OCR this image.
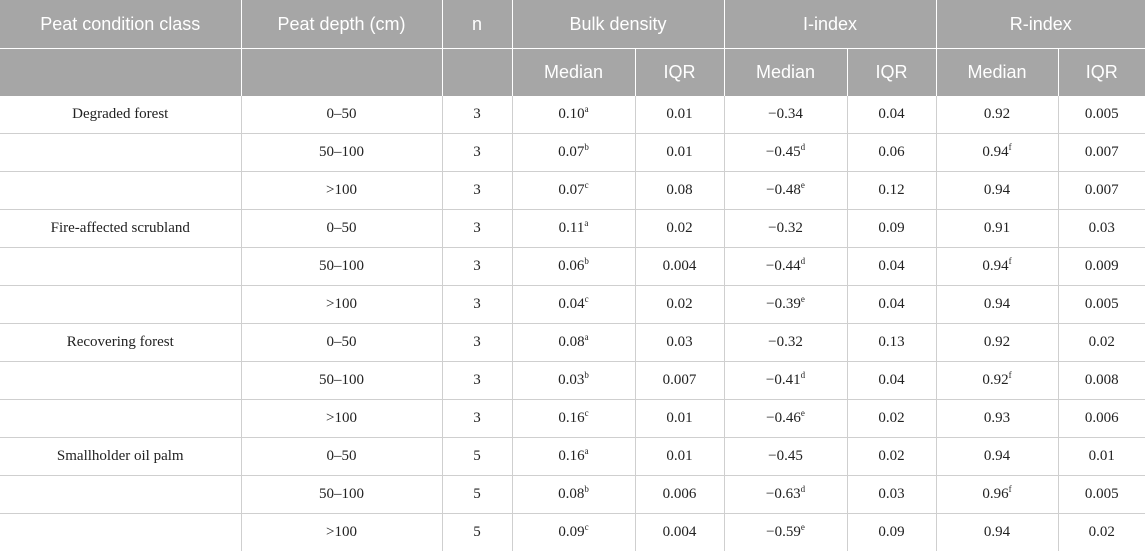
Peat condition class	Peat depth (cm)	n	Bulk density		I-index		R-index	
			Median	IQR	Median	IQR	Median	IQR
Degraded forest	0–50	3	0.10$^a$	0.01	−0.34	0.04	0.92	0.005
	50–100	3	0.07$^b$	0.01	−0.45$^d$	0.06	0.94$^f$	0.007
	>100	3	0.07$^c$	0.08	−0.48$^e$	0.12	0.94	0.007
Fire-affected scrubland	0–50	3	0.11$^a$	0.02	−0.32	0.09	0.91	0.03
	50–100	3	0.06$^b$	0.004	−0.44$^d$	0.04	0.94$^f$	0.009
	>100	3	0.04$^c$	0.02	−0.39$^e$	0.04	0.94	0.005
Recovering forest	0–50	3	0.08$^a$	0.03	−0.32	0.13	0.92	0.02
	50–100	3	0.03$^b$	0.007	−0.41$^d$	0.04	0.92$^f$	0.008
	>100	3	0.16$^c$	0.01	−0.46$^e$	0.02	0.93	0.006
Smallholder oil palm	0–50	5	0.16$^a$	0.01	−0.45	0.02	0.94	0.01
	50–100	5	0.08$^b$	0.006	−0.63$^d$	0.03	0.96$^f$	0.005
	>100	5	0.09$^c$	0.004	−0.59$^e$	0.09	0.94	0.02
